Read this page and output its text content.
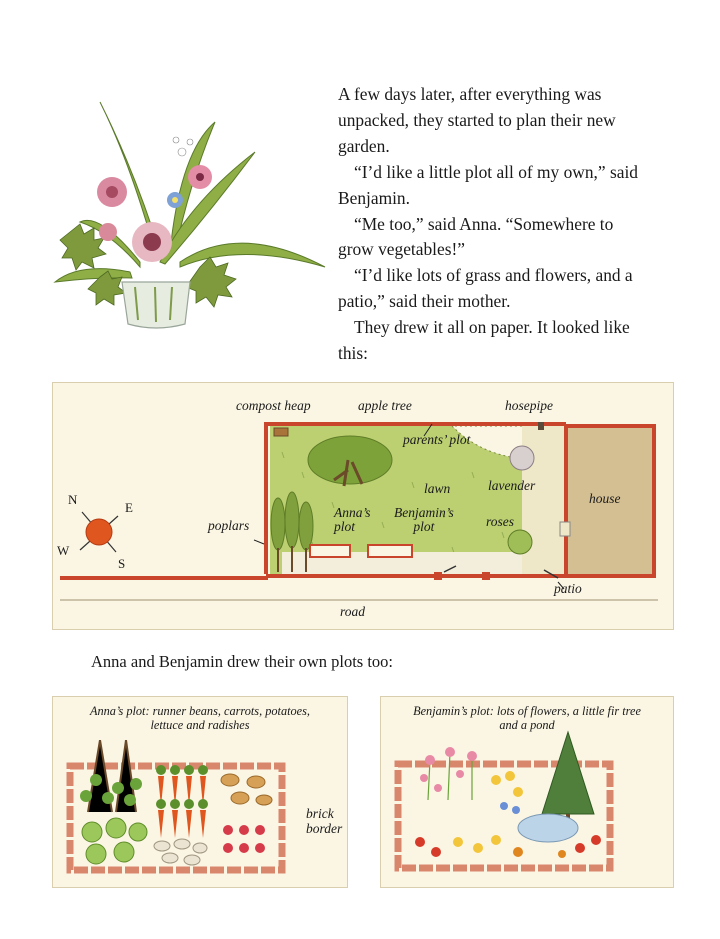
A few days later, after everything was unpacked, they started to plan their new garden.

“I’d like a little plot all of my own,” said Benjamin.

“Me too,” said Anna. “Somewhere to grow vegetables!”

“I’d like lots of grass and flowers, and a patio,” said their mother.

They drew it all on paper. It looked like this:

compost heap	apple tree	hosepipe
parents’ plot
lawn	lavender
house
Anna’s
plot
Benjamin’s
plot	roses
poplars
patio
road
N
E
S
W
Anna and Benjamin drew their own plots too:
Anna’s plot: runner beans, carrots, potatoes,
lettuce and radishes
brick
border
Benjamin’s plot: lots of flowers, a little fir tree
and a pond
